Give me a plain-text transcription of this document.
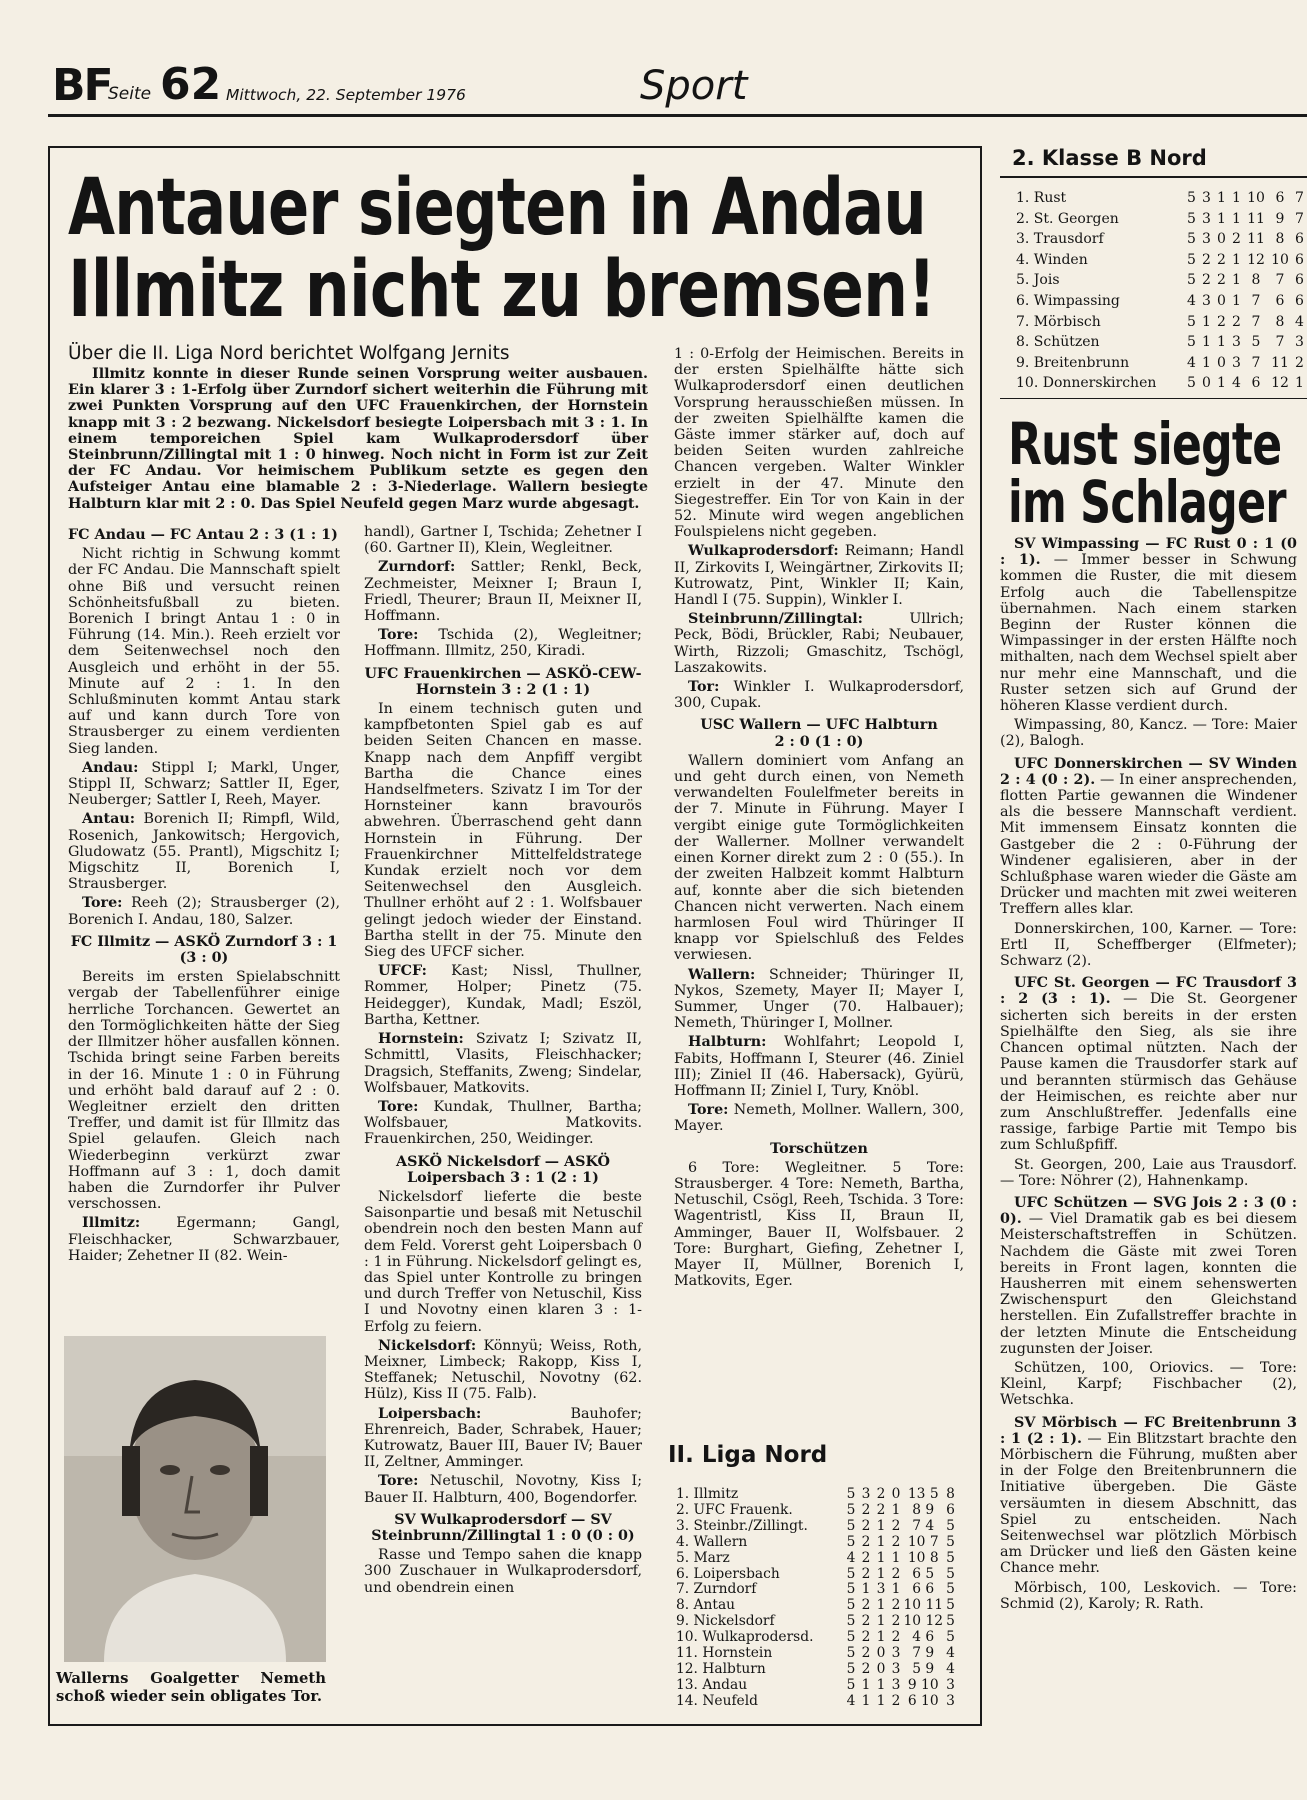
BF
Seite 62 Mittwoch, 22. September 1976	Sport
Antauer siegten in Andau
Illmitz nicht zu bremsen!
Über die II. Liga Nord berichtet Wolfgang Jernits

Illmitz konnte in dieser Runde seinen Vorsprung weiter ausbauen. Ein klarer 3 : 1-Erfolg über Zurndorf sichert weiterhin die Führung mit zwei Punkten Vorsprung auf den UFC Frauenkirchen, der Hornstein knapp mit 3 : 2 bezwang. Nickelsdorf besiegte Loipersbach mit 3 : 1. In einem temporeichen Spiel kam Wulkaprodersdorf über Steinbrunn/Zillingtal mit 1 : 0 hinweg. Noch nicht in Form ist zur Zeit der FC Andau. Vor heimischem Publikum setzte es gegen den Aufsteiger Antau eine blamable 2 : 3-Niederlage. Wallern besiegte Halbturn klar mit 2 : 0. Das Spiel Neufeld gegen Marz wurde abgesagt.

FC Andau — FC Antau 2 : 3 (1 : 1)

Nicht richtig in Schwung kommt der FC Andau. Die Mannschaft spielt ohne Biß und versucht reinen Schönheitsfußball zu bieten. Borenich I bringt Antau 1 : 0 in Führung (14. Min.). Reeh erzielt vor dem Seitenwechsel noch den Ausgleich und erhöht in der 55. Minute auf 2 : 1. In den Schlußminuten kommt Antau stark auf und kann durch Tore von Strausberger zu einem verdienten Sieg landen.

Andau: Stippl I; Markl, Unger, Stippl II, Schwarz; Sattler II, Eger, Neuberger; Sattler I, Reeh, Mayer.

Antau: Borenich II; Rimpfl, Wild, Rosenich, Jankowitsch; Hergovich, Gludowatz (55. Prantl), Migschitz I; Migschitz II, Borenich I, Strausberger.

Tore: Reeh (2); Strausberger (2), Borenich I. Andau, 180, Salzer.

FC Illmitz — ASKÖ Zurndorf 3 : 1
(3 : 0)

Bereits im ersten Spielabschnitt vergab der Tabellenführer einige herrliche Torchancen. Gewertet an den Tormöglichkeiten hätte der Sieg der Illmitzer höher ausfallen können. Tschida bringt seine Farben bereits in der 16. Minute 1 : 0 in Führung und erhöht bald darauf auf 2 : 0. Wegleitner erzielt den dritten Treffer, und damit ist für Illmitz das Spiel gelaufen. Gleich nach Wiederbeginn verkürzt zwar Hoffmann auf 3 : 1, doch damit haben die Zurndorfer ihr Pulver verschossen.

Illmitz:	Egermann; Gangl, Fleischhacker, Schwarzbauer, Haider; Zehetner II (82. Wein-

Wallerns Goalgetter Nemeth schoß wieder sein obligates Tor.

handl), Gartner I, Tschida; Zehetner I (60. Gartner II), Klein, Wegleitner.

Zurndorf: Sattler; Renkl, Beck, Zechmeister, Meixner I; Braun I, Friedl, Theurer; Braun II, Meixner II, Hoffmann.

Tore: Tschida (2), Wegleitner; Hoffmann. Illmitz, 250, Kiradi.

UFC Frauenkirchen — ASKÖ-CEW-Hornstein 3 : 2 (1 : 1)

In einem technisch guten und kampfbetonten Spiel gab es auf beiden Seiten Chancen en masse. Knapp nach dem Anpfiff vergibt Bartha die Chance eines Handselfmeters. Szivatz I im Tor der Hornsteiner kann bravourös abwehren. Überraschend geht dann Hornstein in Führung. Der Frauenkirchner Mittelfeldstratege Kundak erzielt noch vor dem Seitenwechsel den Ausgleich. Thullner erhöht auf 2 : 1. Wolfsbauer gelingt jedoch wieder der Einstand. Bartha stellt in der 75. Minute den Sieg des UFCF sicher.

UFCF: Kast; Nissl, Thullner, Rommer, Holper; Pinetz (75. Heidegger), Kundak, Madl; Eszöl, Bartha, Kettner.

Hornstein: Szivatz I; Szivatz II, Schmittl, Vlasits, Fleischhacker; Dragsich, Steffanits, Zweng; Sindelar, Wolfsbauer, Matkovits.

Tore: Kundak, Thullner, Bartha; Wolfsbauer, Matkovits. Frauenkirchen, 250, Weidinger.

ASKÖ Nickelsdorf — ASKÖ Loipersbach 3 : 1 (2 : 1)

Nickelsdorf lieferte die beste Saisonpartie und besaß mit Netuschil obendrein noch den besten Mann auf dem Feld. Vorerst geht Loipersbach 0 : 1 in Führung. Nickelsdorf gelingt es, das Spiel unter Kontrolle zu bringen und durch Treffer von Netuschil, Kiss I und Novotny einen klaren 3 : 1-Erfolg zu feiern.

Nickelsdorf: Könnyü; Weiss, Roth, Meixner, Limbeck; Rakopp, Kiss I, Steffanek; Netuschil, Novotny (62. Hülz), Kiss II (75. Falb).

Loipersbach:	Bauhofer; Ehrenreich, Bader, Schrabek, Hauer; Kutrowatz, Bauer III, Bauer IV; Bauer II, Zeltner, Amminger.

Tore: Netuschil, Novotny, Kiss I; Bauer II. Halbturn, 400, Bogendorfer.

SV Wulkaprodersdorf — SV Steinbrunn/Zillingtal 1 : 0 (0 : 0)

Rasse und Tempo sahen die knapp 300 Zuschauer in Wulkaprodersdorf, und obendrein einen

1 : 0-Erfolg der Heimischen. Bereits in der ersten Spielhälfte hätte sich Wulkaprodersdorf einen deutlichen Vorsprung herausschießen müssen. In der zweiten Spielhälfte kamen die Gäste immer stärker auf, doch auf beiden Seiten wurden zahlreiche Chancen vergeben. Walter Winkler erzielt in der 47. Minute den Siegestreffer. Ein Tor von Kain in der 52. Minute wird wegen angeblichen Foulspielens nicht gegeben.

Wulkaprodersdorf: Reimann; Handl II, Zirkovits I, Weingärtner, Zirkovits II; Kutrowatz, Pint, Winkler II; Kain, Handl I (75. Suppin), Winkler I.

Steinbrunn/Zillingtal:	Ullrich; Peck, Bödi, Brückler, Rabi; Neubauer, Wirth, Rizzoli; Gmaschitz, Tschögl, Laszakowits.

Tor: Winkler I. Wulkaprodersdorf, 300, Cupak.

USC Wallern — UFC Halbturn
2 : 0 (1 : 0)

Wallern dominiert vom Anfang an und geht durch einen, von Nemeth verwandelten Foulelfmeter bereits in der 7. Minute in Führung. Mayer I vergibt einige gute Tormöglichkeiten der Wallerner. Mollner verwandelt einen Korner direkt zum 2 : 0 (55.). In der zweiten Halbzeit kommt Halbturn auf, konnte aber die sich bietenden Chancen nicht verwerten. Nach einem harmlosen Foul wird Thüringer II knapp vor Spielschluß des Feldes verwiesen.

Wallern: Schneider; Thüringer II, Nykos, Szemety, Mayer II; Mayer I, Summer, Unger (70. Halbauer); Nemeth, Thüringer I, Mollner.

Halbturn: Wohlfahrt; Leopold I, Fabits, Hoffmann I, Steurer (46. Ziniel III); Ziniel II (46. Habersack), Gyürü, Hoffmann II; Ziniel I, Tury, Knöbl.

Tore: Nemeth, Mollner. Wallern, 300, Mayer.

Torschützen

6 Tore: Wegleitner. 5 Tore: Strausberger. 4 Tore: Nemeth, Bartha, Netuschil, Csögl, Reeh, Tschida. 3 Tore: Wagentristl, Kiss II, Braun II, Amminger, Bauer II, Wolfsbauer. 2 Tore: Burghart, Giefing, Zehetner I, Mayer II, Müllner, Borenich I, Matkovits, Eger.

II. Liga Nord
1. Illmitz	5	3	2	0	13 5	8
2. UFC Frauenk.	5	2	2	1	8 9	6
3. Steinbr./Zillingt.	5	2	1	2	7 4	5
4. Wallern	5	2	1	2	10 7	5
5. Marz	4	2	1	1	10 8	5
6. Loipersbach	5	2	1	2	6 5	5
7. Zurndorf	5	1	3	1	6 6	5
8. Antau	5	2	1	2	10 11	5
9. Nickelsdorf	5	2	1	2	10 12	5
10. Wulkaprodersd.	5	2	1	2	4 6	5
11. Hornstein	5	2	0	3	7 9	4
12. Halbturn	5	2	0	3	5 9	4
13. Andau	5	1	1	3	9 10	3
14. Neufeld	4	1	1	2	6 10	3
2. Klasse B Nord
1. Rust	5	3	1	1	10	6	7
2. St. Georgen	5	3	1	1	11	9	7
3. Trausdorf	5	3	0	2	11	8	6
4. Winden	5	2	2	1	12	10	6
5. Jois	5	2	2	1	8	7	6
6. Wimpassing	4	3	0	1	7	6	6
7. Mörbisch	5	1	2	2	7	8	4
8. Schützen	5	1	1	3	5	7	3
9. Breitenbrunn	4	1	0	3	7	11	2
10. Donnerskirchen	5	0	1	4	6	12	1
Rust siegte
im Schlager

SV Wimpassing — FC Rust 0 : 1 (0 : 1). — Immer besser in Schwung kommen die Ruster, die mit diesem Erfolg auch die Tabellenspitze übernahmen. Nach einem starken Beginn der Ruster können die Wimpassinger in der ersten Hälfte noch mithalten, nach dem Wechsel spielt aber nur mehr eine Mannschaft, und die Ruster setzen sich auf Grund der höheren Klasse verdient durch.

Wimpassing, 80, Kancz. — Tore: Maier (2), Balogh.

UFC Donnerskirchen — SV Winden 2 : 4 (0 : 2). — In einer ansprechenden, flotten Partie gewannen die Windener als die bessere Mannschaft verdient. Mit immensem Einsatz konnten die Gastgeber die 2 : 0-Führung der Windener egalisieren, aber in der Schlußphase waren wieder die Gäste am Drücker und machten mit zwei weiteren Treffern alles klar.

Donnerskirchen, 100, Karner. — Tore: Ertl II, Scheffberger (Elfmeter); Schwarz (2).

UFC St. Georgen — FC Trausdorf 3 : 2 (3 : 1). — Die St. Georgener sicherten sich bereits in der ersten Spielhälfte den Sieg, als sie ihre Chancen optimal nützten. Nach der Pause kamen die Trausdorfer stark auf und berannten stürmisch das Gehäuse der Heimischen, es reichte aber nur zum Anschlußtreffer. Jedenfalls eine rassige, farbige Partie mit Tempo bis zum Schlußpfiff.

St. Georgen, 200, Laie aus Trausdorf. — Tore: Nöhrer (2), Hahnenkamp.

UFC Schützen — SVG Jois 2 : 3 (0 : 0). — Viel Dramatik gab es bei diesem Meisterschaftstreffen in Schützen. Nachdem die Gäste mit zwei Toren bereits in Front lagen, konnten die Hausherren mit einem sehenswerten Zwischenspurt den Gleichstand herstellen. Ein Zufallstreffer brachte in der letzten Minute die Entscheidung zugunsten der Joiser.

Schützen, 100, Oriovics. — Tore: Kleinl, Karpf; Fischbacher (2), Wetschka.

SV Mörbisch — FC Breitenbrunn 3 : 1 (2 : 1). — Ein Blitzstart brachte den Mörbischern die Führung, mußten aber in der Folge den Breitenbrunnern die Initiative übergeben. Die Gäste versäumten in diesem Abschnitt, das Spiel zu entscheiden. Nach Seitenwechsel war plötzlich Mörbisch am Drücker und ließ den Gästen keine Chance mehr.

Mörbisch, 100, Leskovich. — Tore: Schmid (2), Karoly; R. Rath.
